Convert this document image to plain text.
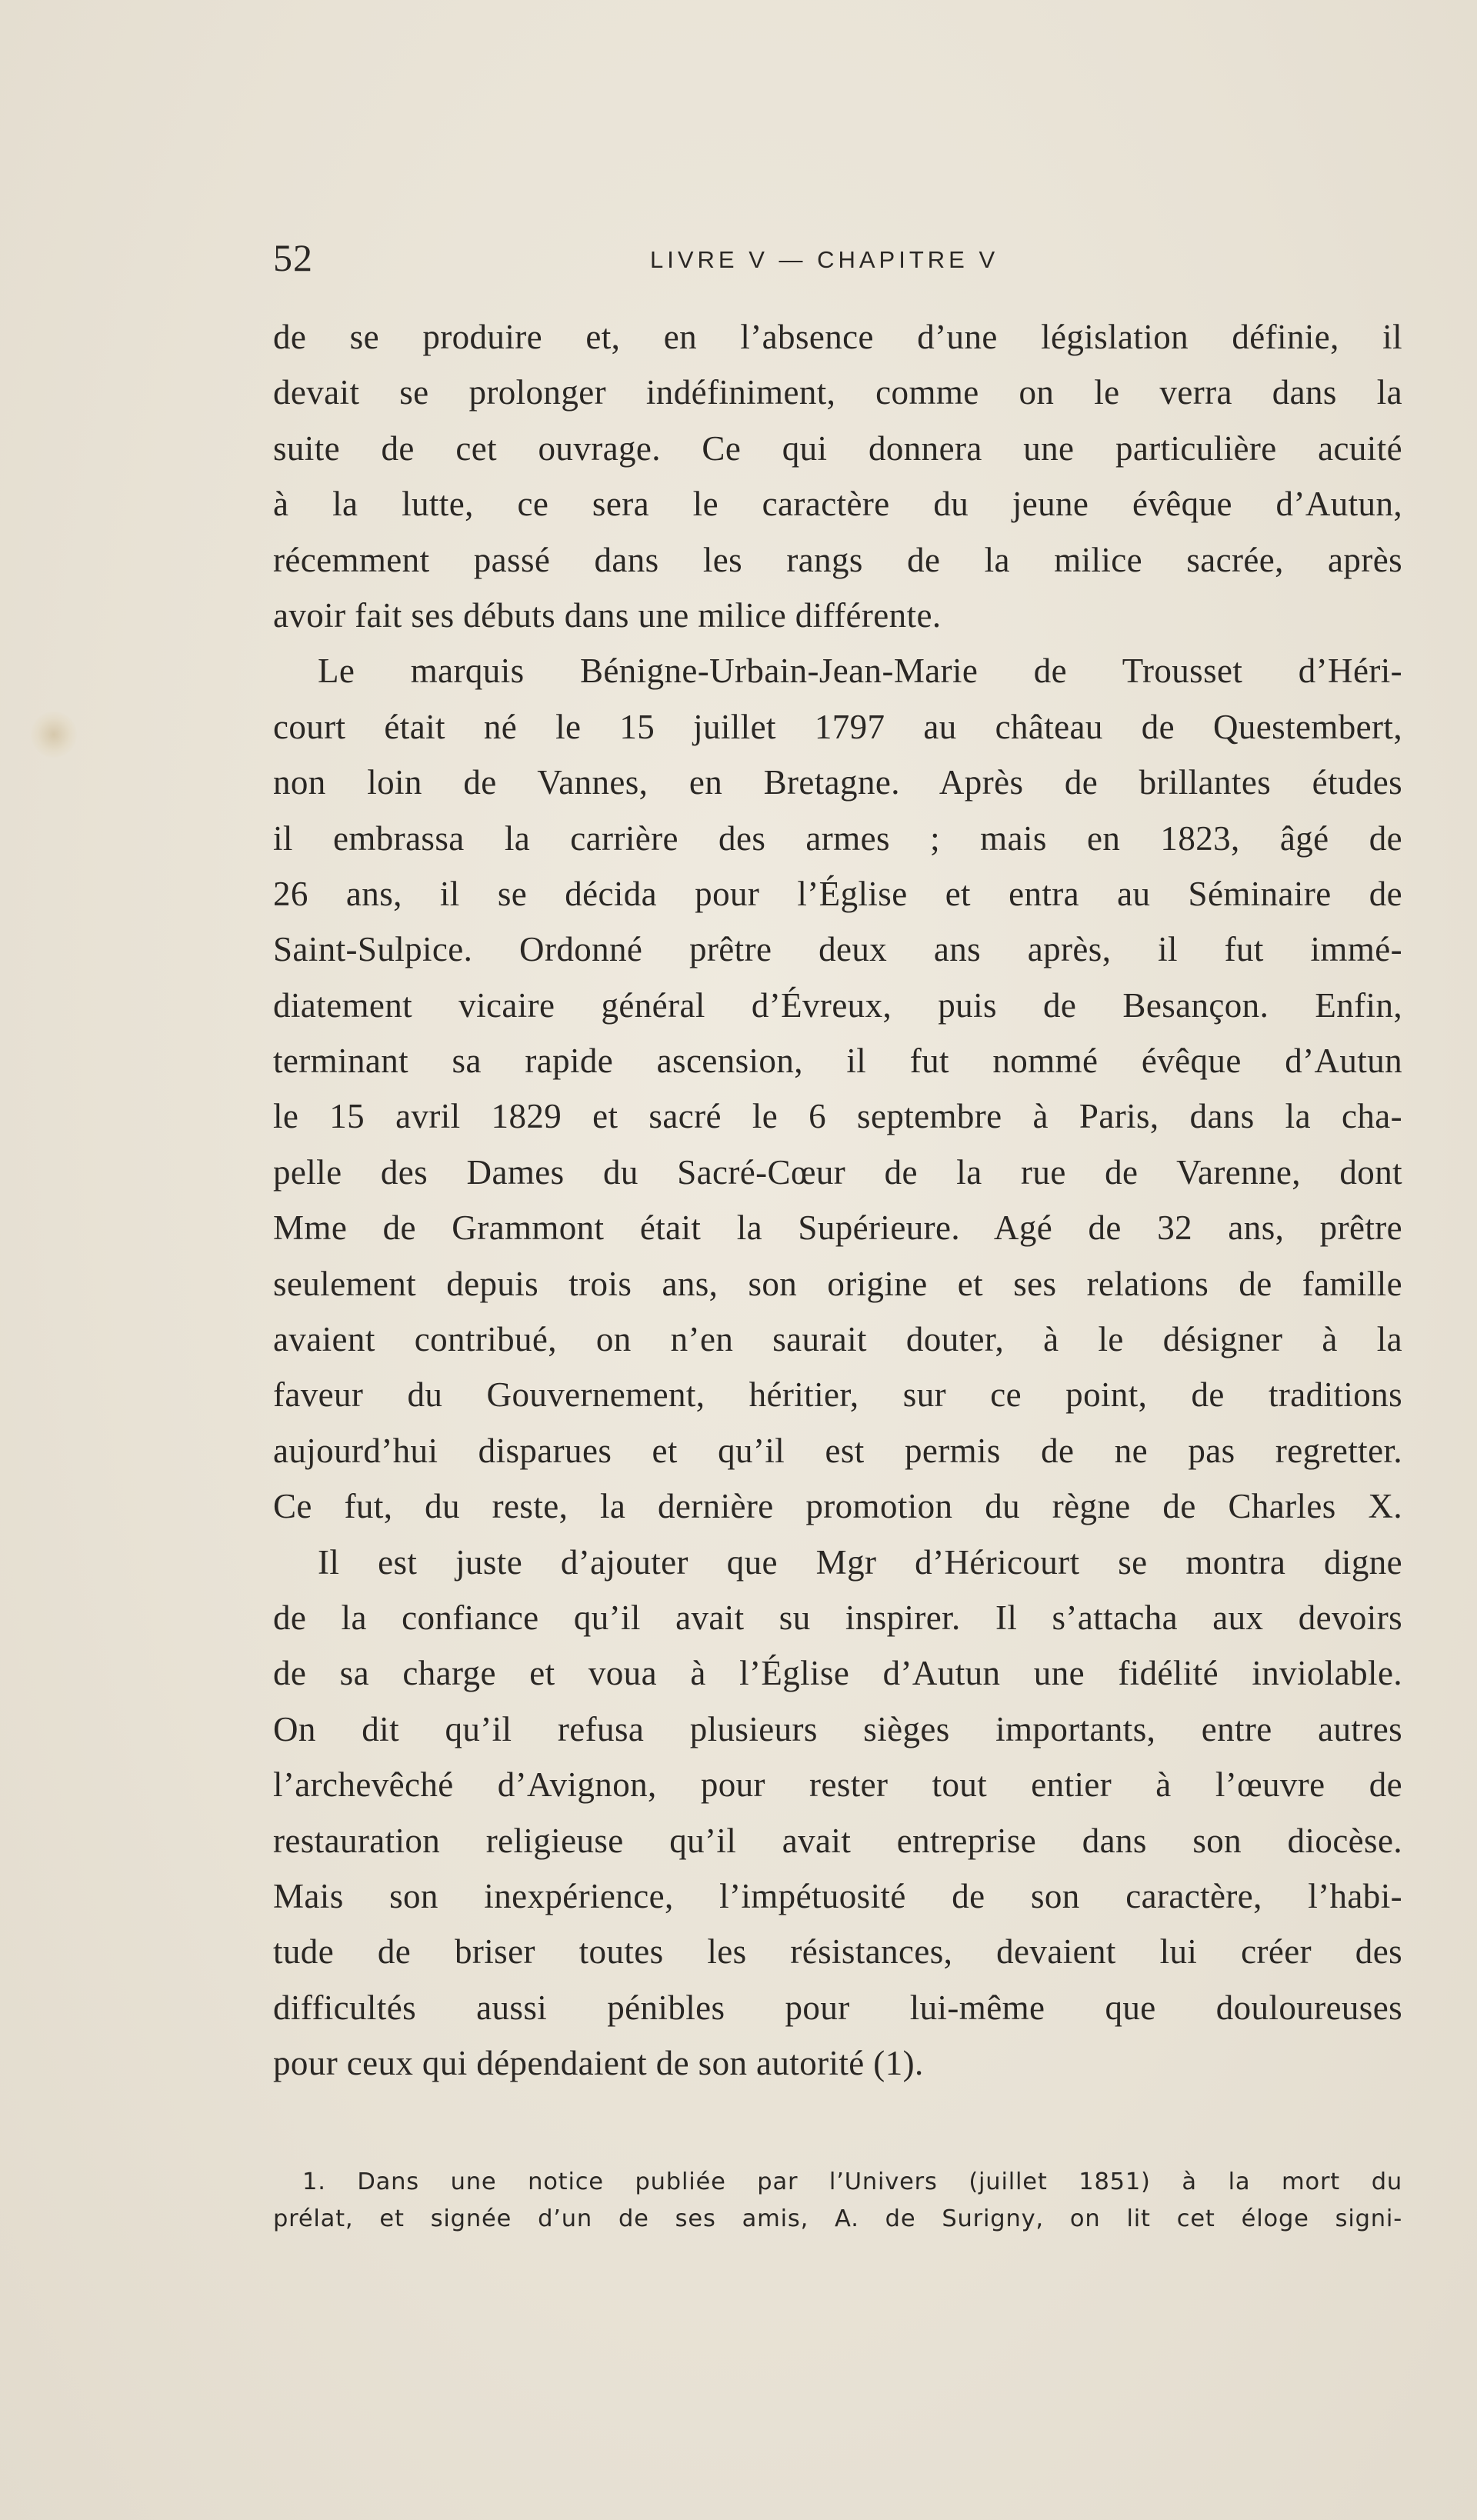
52	LIVRE V — CHAPITRE V
de se produire et, en l’absence d’une législation définie, il
devait se prolonger indéfiniment, comme on le verra dans la
suite de cet ouvrage. Ce qui donnera une particulière acuité
à la lutte, ce sera le caractère du jeune évêque d’Autun,
récemment passé dans les rangs de la milice sacrée, après
avoir fait ses débuts dans une milice différente.
Le marquis Bénigne-Urbain-Jean-Marie de Trousset d’Héri-
court était né le 15 juillet 1797 au château de Questembert,
non loin de Vannes, en Bretagne. Après de brillantes études
il embrassa la carrière des armes ; mais en 1823, âgé de
26 ans, il se décida pour l’Église et entra au Séminaire de
Saint-Sulpice. Ordonné prêtre deux ans après, il fut immé-
diatement vicaire général d’Évreux, puis de Besançon. Enfin,
terminant sa rapide ascension, il fut nommé évêque d’Autun
le 15 avril 1829 et sacré le 6 septembre à Paris, dans la cha-
pelle des Dames du Sacré-Cœur de la rue de Varenne, dont
Mme de Grammont était la Supérieure. Agé de 32 ans, prêtre
seulement depuis trois ans, son origine et ses relations de famille
avaient contribué, on n’en saurait douter, à le désigner à la
faveur du Gouvernement, héritier, sur ce point, de traditions
aujourd’hui disparues et qu’il est permis de ne pas regretter.
Ce fut, du reste, la dernière promotion du règne de Charles X.
Il est juste d’ajouter que Mgr d’Héricourt se montra digne
de la confiance qu’il avait su inspirer. Il s’attacha aux devoirs
de sa charge et voua à l’Église d’Autun une fidélité inviolable.
On dit qu’il refusa plusieurs sièges importants, entre autres
l’archevêché d’Avignon, pour rester tout entier à l’œuvre de
restauration religieuse qu’il avait entreprise dans son diocèse.
Mais son inexpérience, l’impétuosité de son caractère, l’habi-
tude de briser toutes les résistances, devaient lui créer des
difficultés aussi pénibles pour lui-même que douloureuses
pour ceux qui dépendaient de son autorité (1).
1. Dans une notice publiée par l’Univers (juillet 1851) à la mort du
prélat, et signée d’un de ses amis, A. de Surigny, on lit cet éloge signi-
